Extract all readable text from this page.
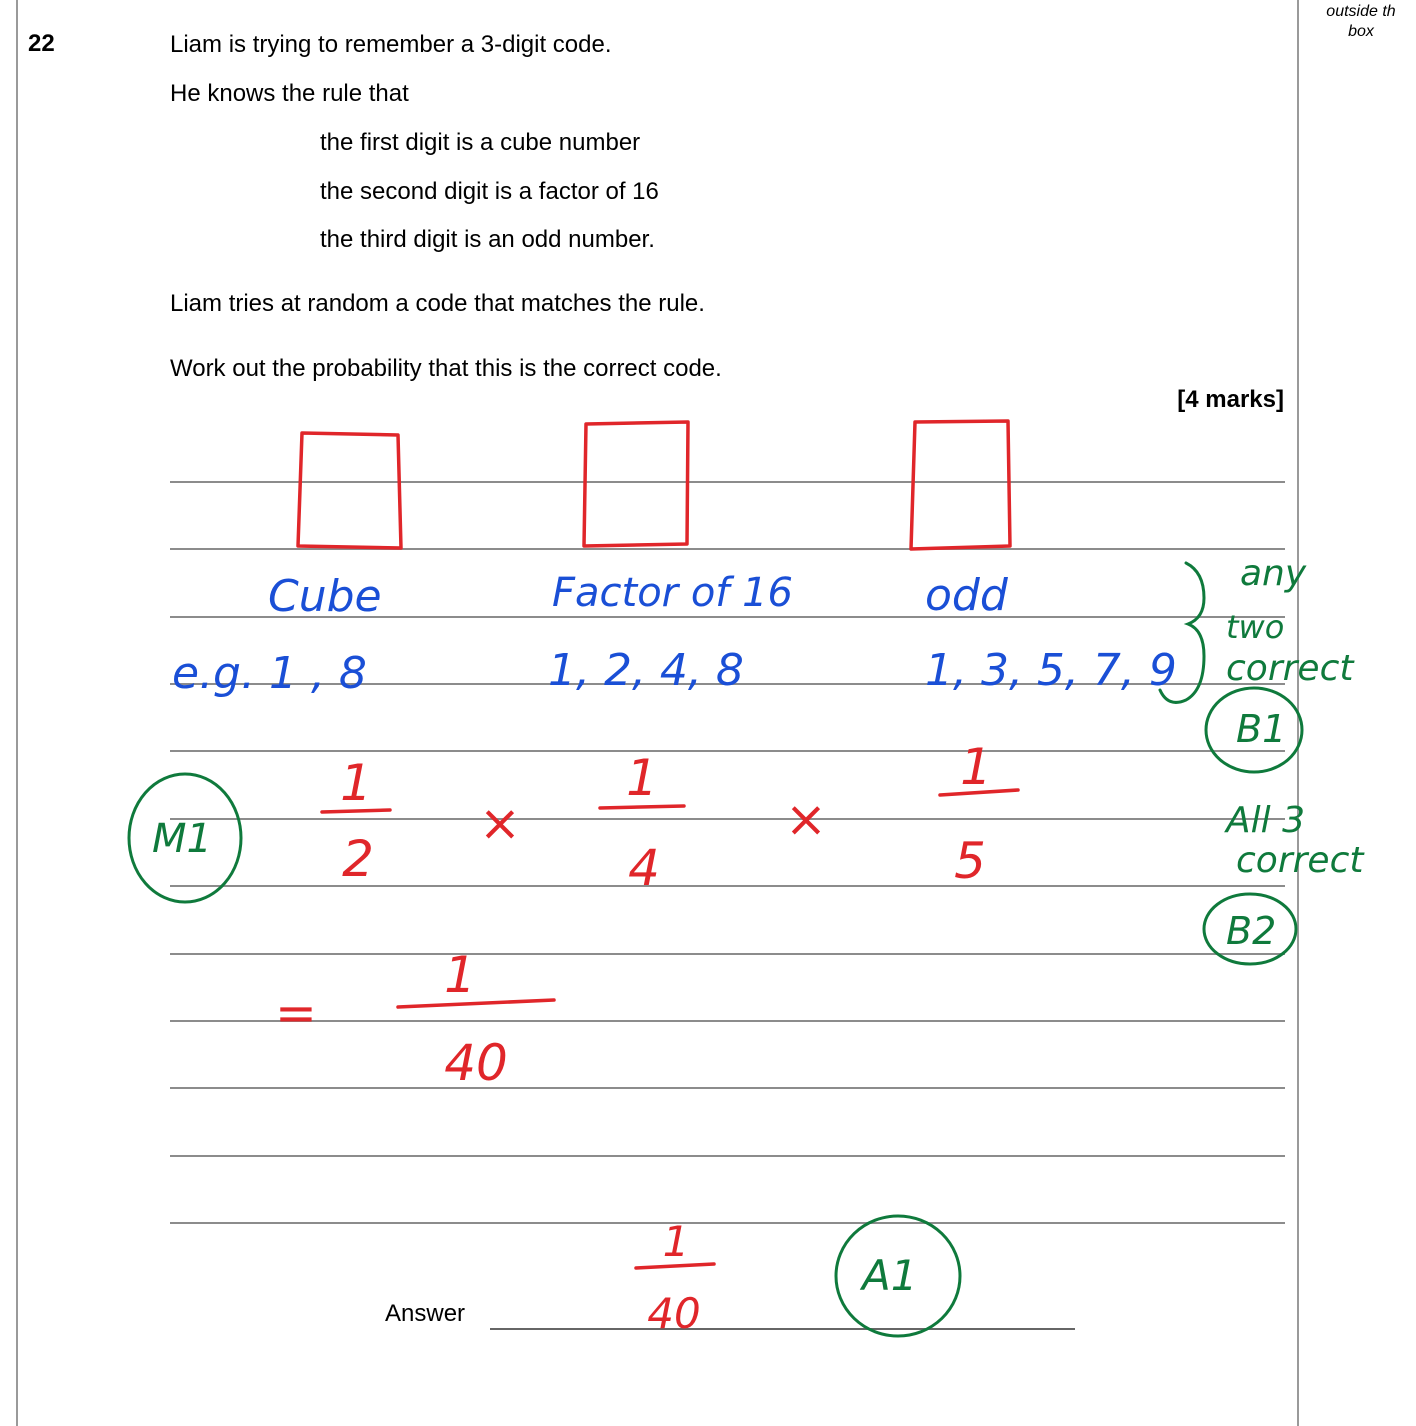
outside th
box
22	Liam is trying to remember a 3-digit code.
He knows the rule that
the first digit is a cube number
the second digit is a factor of 16
the third digit is an odd number.
Liam tries at random a code that matches the rule.
Work out the probability that this is the correct code.
[4 marks]
Answer
Cube	Factor of 16	odd
e.g. 1 , 8	1, 2, 4, 8	1, 3, 5, 7, 9
1
2
×
1
4
×
1
5
=
1
40
1
40
any
two
correct
B1
All 3
correct
B2
M1
A1
